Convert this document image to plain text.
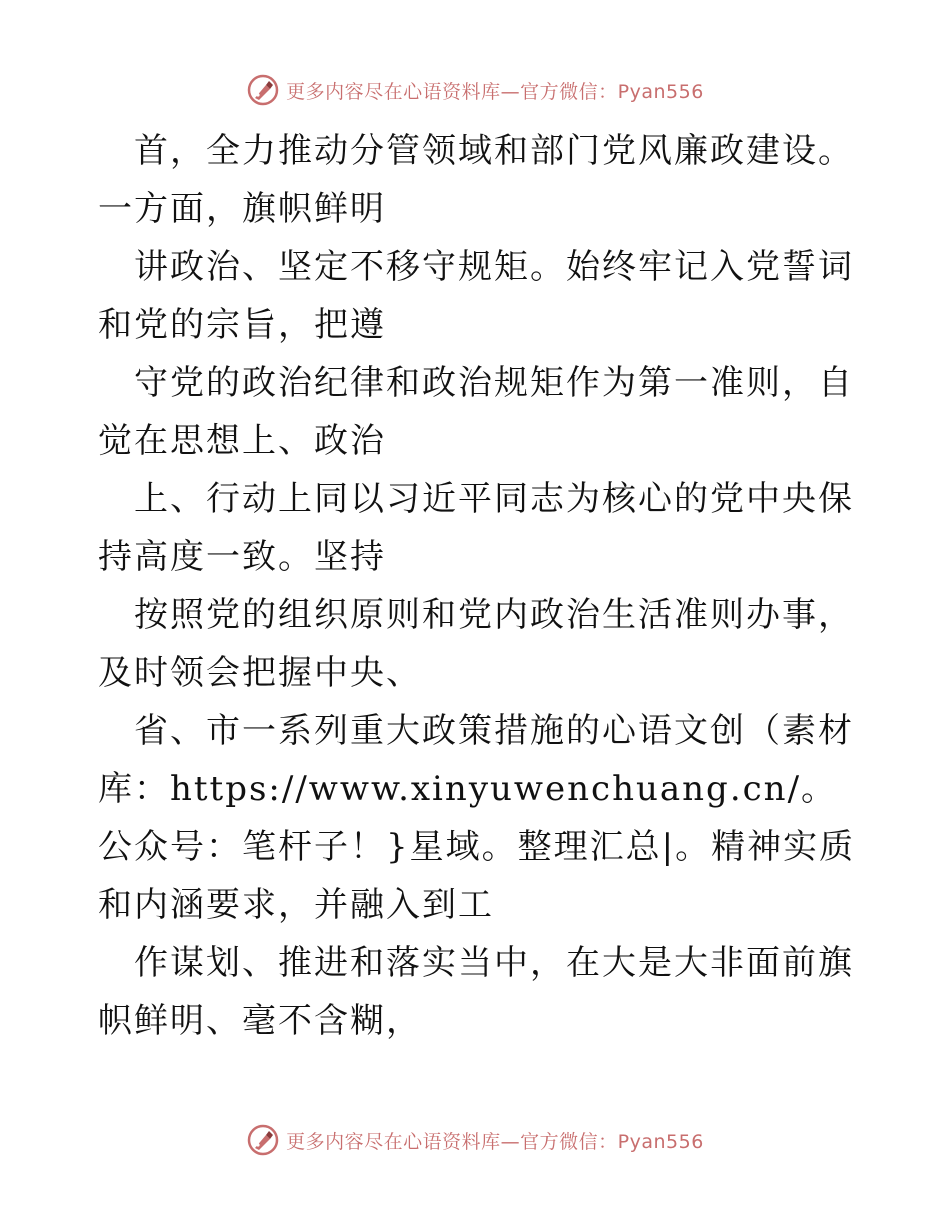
更多内容尽在心语资料库—官方微信：Pyan556

首，全力推动分管领域和部门党风廉政建设。一方面，旗帜鲜明

讲政治、坚定不移守规矩。始终牢记入党誓词和党的宗旨，把遵

守党的政治纪律和政治规矩作为第一准则，自觉在思想上、政治

上、行动上同以习近平同志为核心的党中央保持高度一致。坚持

按照党的组织原则和党内政治生活准则办事，及时领会把握中央、

省、市一系列重大政策措施的心语文创（素材库：https://www.xinyuwenchuang.cn/。公众号：笔杆子！}星域。整理汇总|。精神实质和内涵要求，并融入到工

作谋划、推进和落实当中，在大是大非面前旗帜鲜明、毫不含糊，

更多内容尽在心语资料库—官方微信：Pyan556
